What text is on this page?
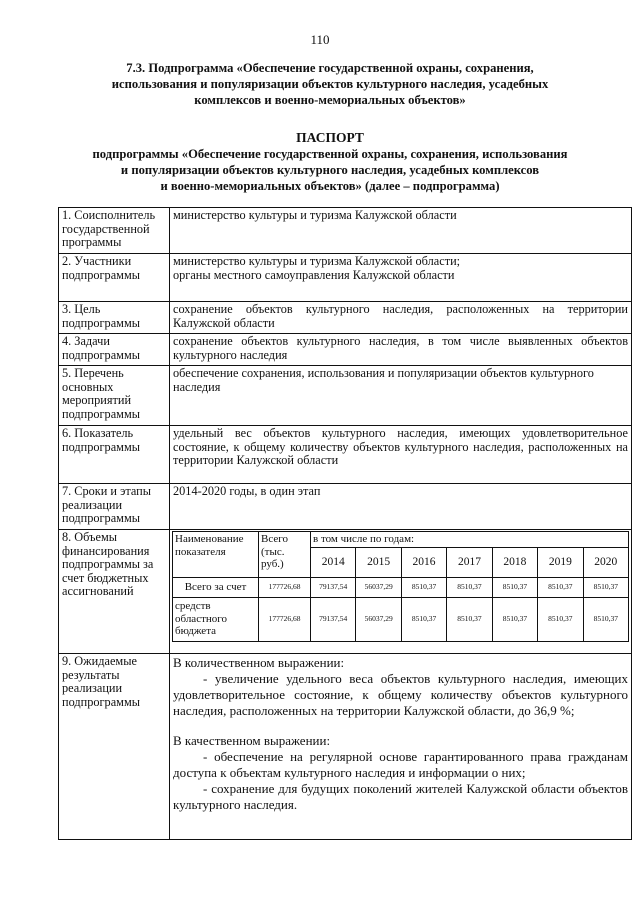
110
7.3. Подпрограмма «Обеспечение государственной охраны, сохранения,
использования и популяризации объектов культурного наследия, усадебных
комплексов и военно-мемориальных объектов»
ПАСПОРТ
подпрограммы «Обеспечение государственной охраны, сохранения, использования
и популяризации объектов культурного наследия, усадебных комплексов
и военно-мемориальных объектов» (далее – подпрограмма)
1. Соисполнитель государственной программы	
министерство культуры и туризма Калужской области

2. Участники подпрограммы	
министерство культуры и туризма Калужской области;
органы местного самоуправления Калужской области

3. Цель подпрограммы	
сохранение объектов культурного наследия, расположенных на территории Калужской области

4. Задачи подпрограммы	
сохранение объектов культурного наследия, в том числе выявленных объектов культурного наследия

5. Перечень основных мероприятий подпрограммы	
обеспечение сохранения, использования и популяризации объектов культурного наследия

6. Показатель подпрограммы	
удельный вес объектов культурного наследия, имеющих удовлетворительное состояние, к общему количеству объектов культурного наследия, расположенных на территории Калужской области

7. Сроки и этапы реализации подпрограммы	
2014-2020 годы, в один этап

8. Объемы финансирования подпрограммы за счет бюджетных ассигнований	
Наименование показателя	Всего (тыс. руб.)	в том числе по годам:
2014	2015	2016	2017	2018	2019	2020
Всего за счет	177726,68	79137,54	56037,29	8510,37	8510,37	8510,37	8510,37	8510,37
средств областного бюджета	177726,68	79137,54	56037,29	8510,37	8510,37	8510,37	8510,37	8510,37

9. Ожидаемые результаты реализации подпрограммы	

В количественном выражении:

- увеличение удельного веса объектов культурного наследия, имеющих удовлетворительное состояние, к общему количеству объектов культурного наследия, расположенных на территории Калужской области, до 36,9 %;

В качественном выражении:

- обеспечение на регулярной основе гарантированного права гражданам доступа к объектам культурного наследия и информации о них;

- сохранение для будущих поколений жителей Калужской области объектов культурного наследия.
